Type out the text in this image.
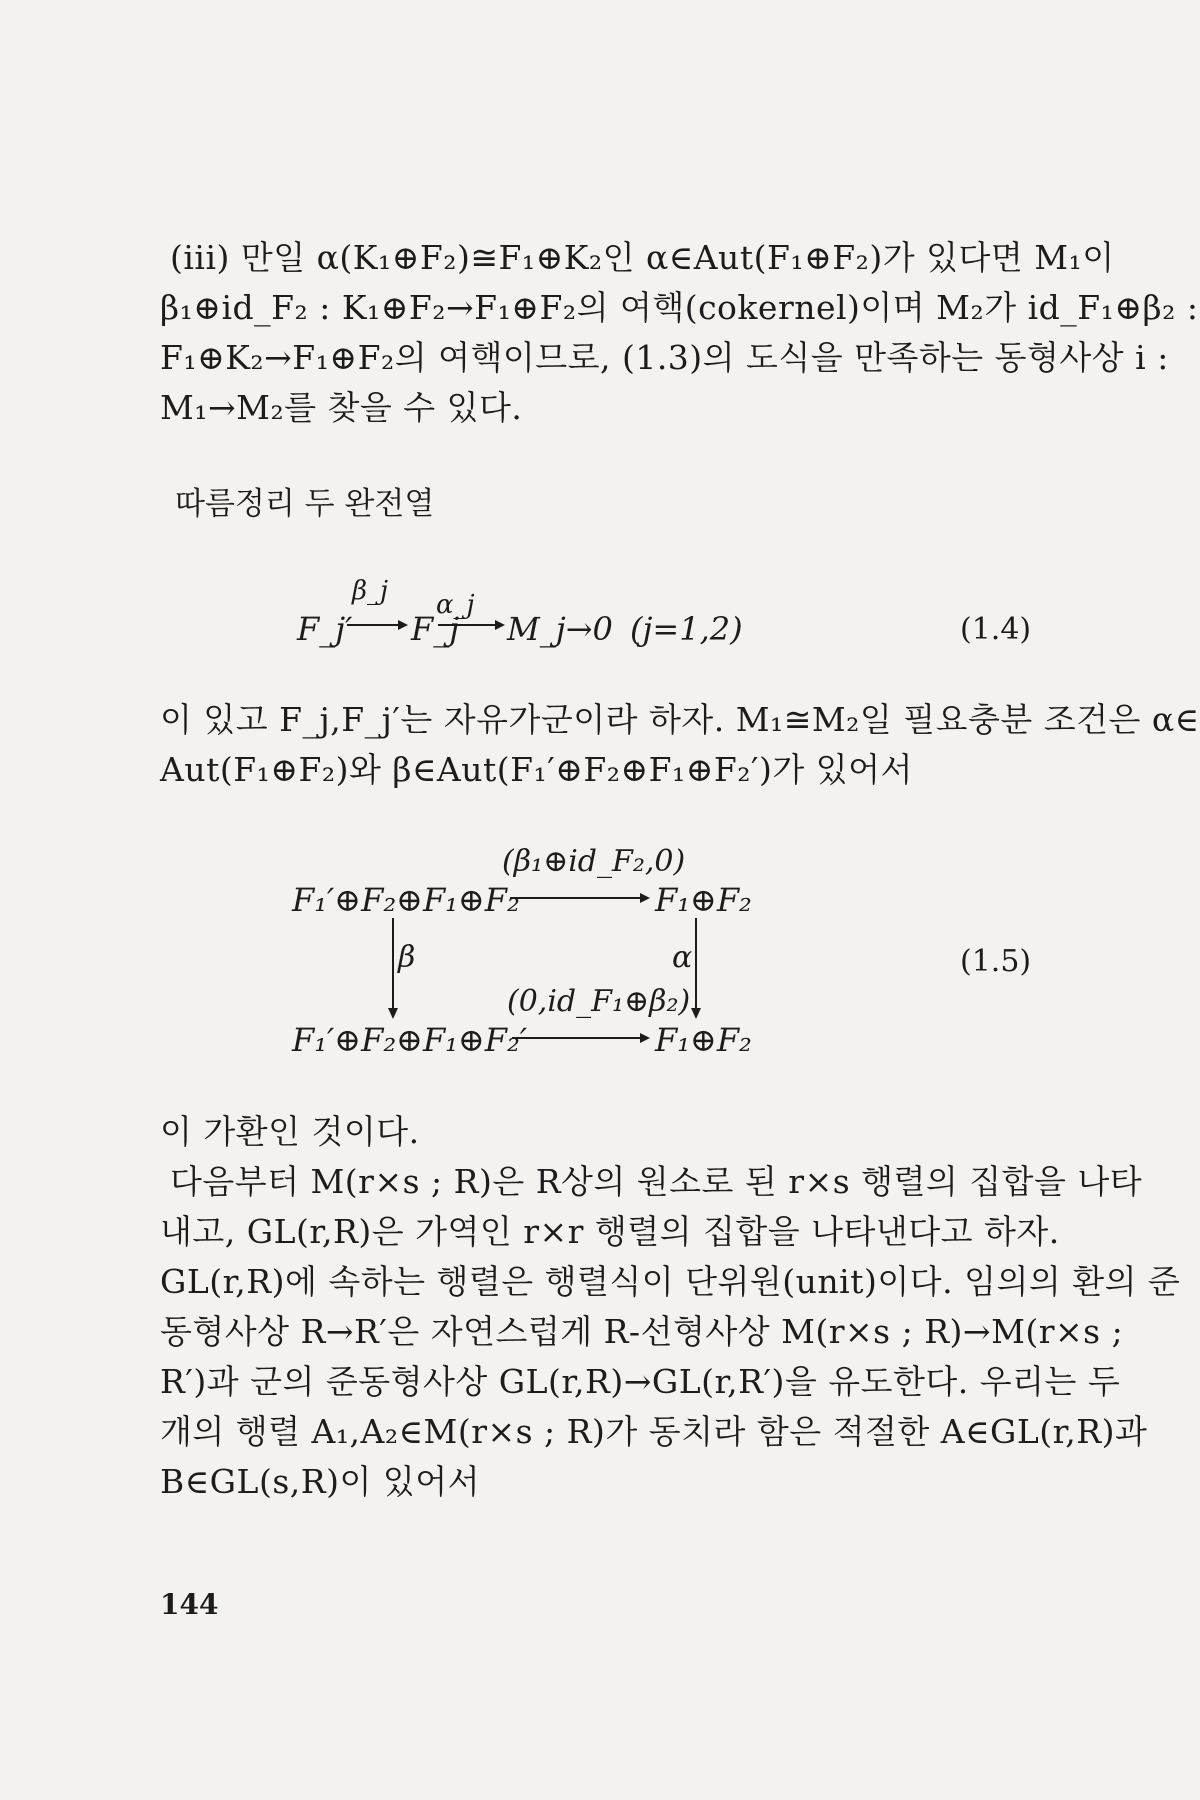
(iii) 만일 α(K₁⊕F₂)≅F₁⊕K₂인 α∈Aut(F₁⊕F₂)가 있다면 M₁이
β₁⊕id_F₂ : K₁⊕F₂→F₁⊕F₂의 여핵(cokernel)이며 M₂가 id_F₁⊕β₂ :
F₁⊕K₂→F₁⊕F₂의 여핵이므로, (1.3)의 도식을 만족하는 동형사상 i :
M₁→M₂를 찾을 수 있다.
따름정리 두 완전열
F_j′
β_j
F_j
α_j
M_j→0 (j=1,2)	(1.4)
이 있고 F_j,F_j′는 자유가군이라 하자. M₁≅M₂일 필요충분 조건은 α∈
Aut(F₁⊕F₂)와 β∈Aut(F₁′⊕F₂⊕F₁⊕F₂′)가 있어서
(β₁⊕id_F₂,0)
F₁′⊕F₂⊕F₁⊕F₂	F₁⊕F₂
β	α	(1.5)
(0,id_F₁⊕β₂)
F₁′⊕F₂⊕F₁⊕F₂′	F₁⊕F₂
이 가환인 것이다.
다음부터 M(r×s ; R)은 R상의 원소로 된 r×s 행렬의 집합을 나타
내고, GL(r,R)은 가역인 r×r 행렬의 집합을 나타낸다고 하자.
GL(r,R)에 속하는 행렬은 행렬식이 단위원(unit)이다. 임의의 환의 준
동형사상 R→R′은 자연스럽게 R-선형사상 M(r×s ; R)→M(r×s ;
R′)과 군의 준동형사상 GL(r,R)→GL(r,R′)을 유도한다. 우리는 두
개의 행렬 A₁,A₂∈M(r×s ; R)가 동치라 함은 적절한 A∈GL(r,R)과
B∈GL(s,R)이 있어서
144
